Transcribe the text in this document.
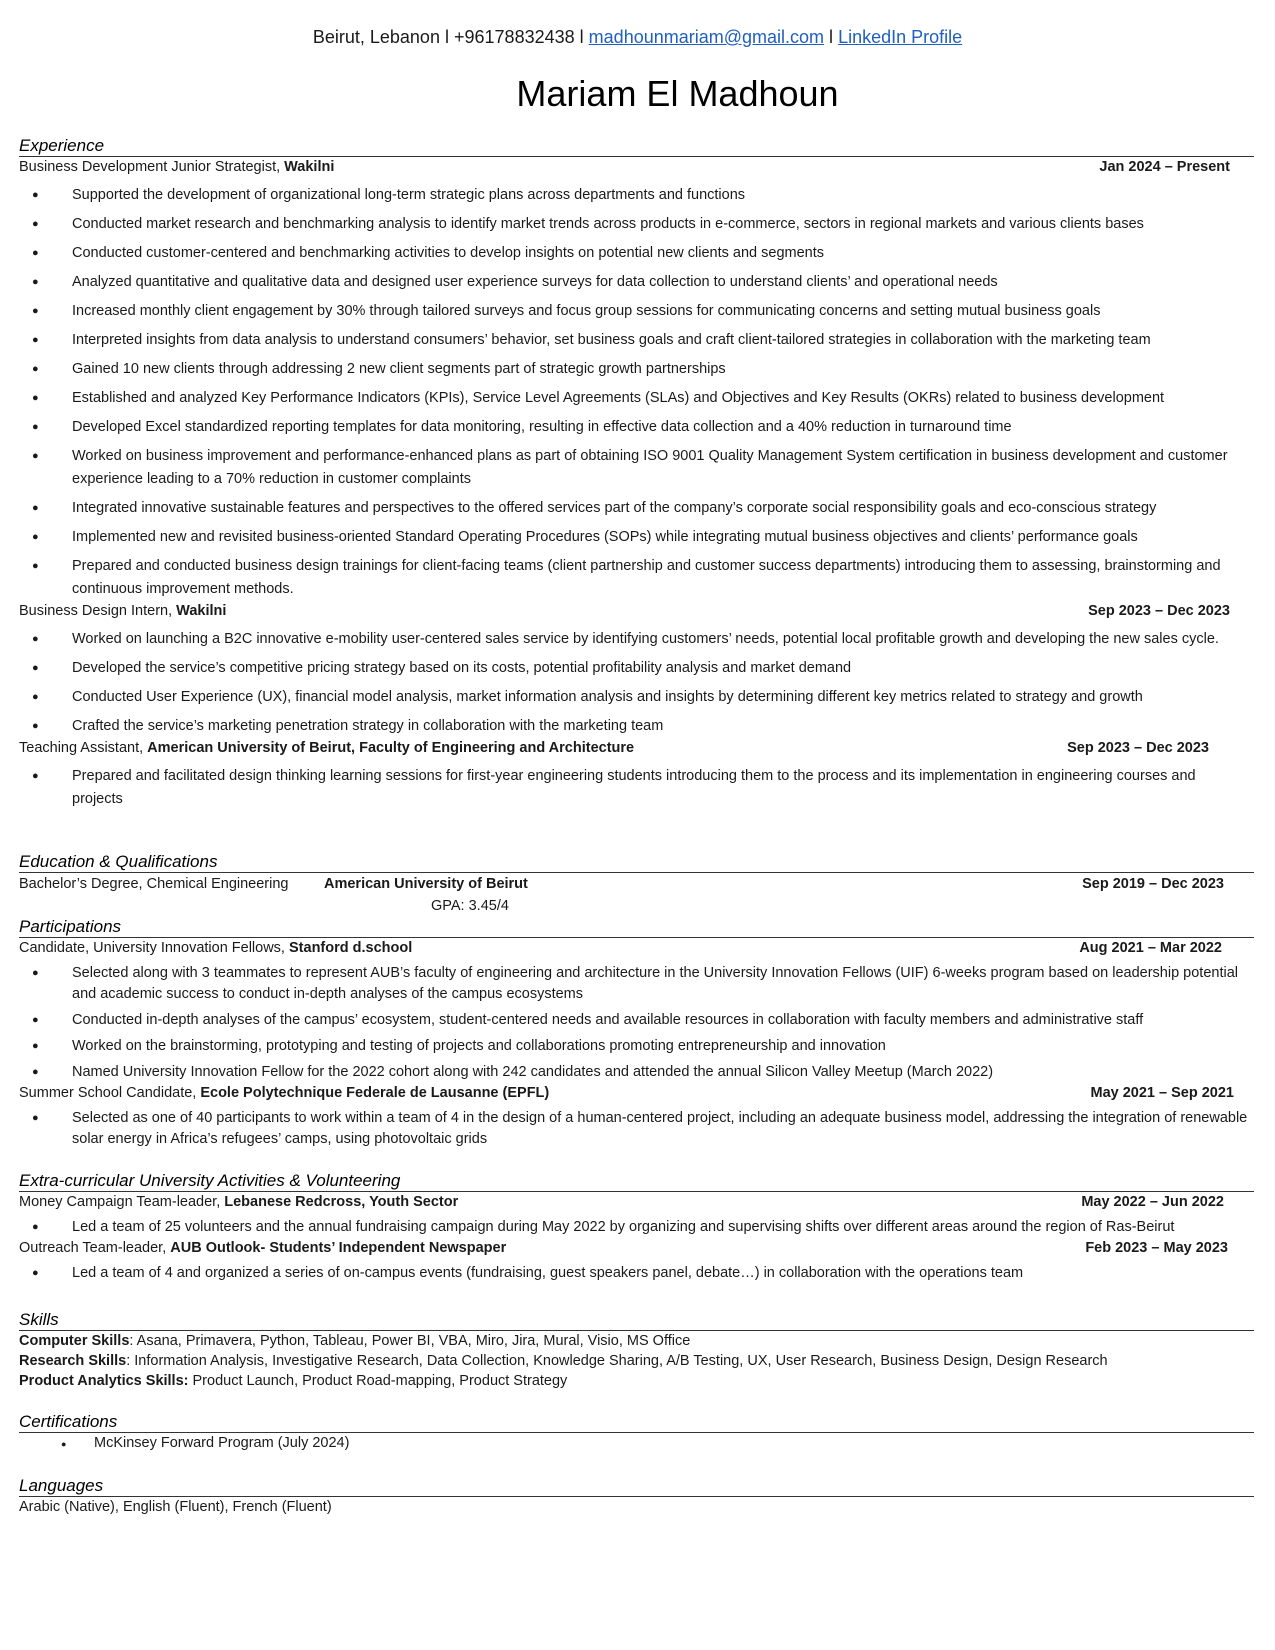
Beirut, Lebanon l +96178832438 l madhounmariam@gmail.com l LinkedIn Profile
Mariam El Madhoun
Experience
Business Development Junior Strategist, Wakilni	Jan 2024 – Present
● Supported the development of organizational long-term strategic plans across departments and functions
● Conducted market research and benchmarking analysis to identify market trends across products in e-commerce, sectors in regional markets and various clients bases
● Conducted customer-centered and benchmarking activities to develop insights on potential new clients and segments
● Analyzed quantitative and qualitative data and designed user experience surveys for data collection to understand clients’ and operational needs
● Increased monthly client engagement by 30% through tailored surveys and focus group sessions for communicating concerns and setting mutual business goals
● Interpreted insights from data analysis to understand consumers’ behavior, set business goals and craft client-tailored strategies in collaboration with the marketing team
● Gained 10 new clients through addressing 2 new client segments part of strategic growth partnerships
● Established and analyzed Key Performance Indicators (KPIs), Service Level Agreements (SLAs) and Objectives and Key Results (OKRs) related to business development
● Developed Excel standardized reporting templates for data monitoring, resulting in effective data collection and a 40% reduction in turnaround time
● Worked on business improvement and performance-enhanced plans as part of obtaining ISO 9001 Quality Management System certification in business development and customer experience leading to a 70% reduction in customer complaints
● Integrated innovative sustainable features and perspectives to the offered services part of the company’s corporate social responsibility goals and eco-conscious strategy
● Implemented new and revisited business-oriented Standard Operating Procedures (SOPs) while integrating mutual business objectives and clients’ performance goals
● Prepared and conducted business design trainings for client-facing teams (client partnership and customer success departments) introducing them to assessing, brainstorming and continuous improvement methods.
Business Design Intern, Wakilni	Sep 2023 – Dec 2023
● Worked on launching a B2C innovative e-mobility user-centered sales service by identifying customers’ needs, potential local profitable growth and developing the new sales cycle.
● Developed the service’s competitive pricing strategy based on its costs, potential profitability analysis and market demand
● Conducted User Experience (UX), financial model analysis, market information analysis and insights by determining different key metrics related to strategy and growth
● Crafted the service’s marketing penetration strategy in collaboration with the marketing team
Teaching Assistant, American University of Beirut, Faculty of Engineering and Architecture	Sep 2023 – Dec 2023
● Prepared and facilitated design thinking learning sessions for first-year engineering students introducing them to the process and its implementation in engineering courses and projects
Education & Qualifications
Bachelor’s Degree, Chemical Engineering	American University of Beirut	Sep 2019 – Dec 2023
GPA: 3.45/4
Participations
Candidate, University Innovation Fellows, Stanford d.school	Aug 2021 – Mar 2022
● Selected along with 3 teammates to represent AUB’s faculty of engineering and architecture in the University Innovation Fellows (UIF) 6-weeks program based on leadership potential and academic success to conduct in-depth analyses of the campus ecosystems
● Conducted in-depth analyses of the campus’ ecosystem, student-centered needs and available resources in collaboration with faculty members and administrative staff
● Worked on the brainstorming, prototyping and testing of projects and collaborations promoting entrepreneurship and innovation
● Named University Innovation Fellow for the 2022 cohort along with 242 candidates and attended the annual Silicon Valley Meetup (March 2022)
Summer School Candidate, Ecole Polytechnique Federale de Lausanne (EPFL)	May 2021 – Sep 2021
● Selected as one of 40 participants to work within a team of 4 in the design of a human-centered project, including an adequate business model, addressing the integration of renewable solar energy in Africa’s refugees’ camps, using photovoltaic grids
Extra-curricular University Activities & Volunteering
Money Campaign Team-leader, Lebanese Redcross, Youth Sector	May 2022 – Jun 2022
● Led a team of 25 volunteers and the annual fundraising campaign during May 2022 by organizing and supervising shifts over different areas around the region of Ras-Beirut
Outreach Team-leader, AUB Outlook- Students’ Independent Newspaper	Feb 2023 – May 2023
● Led a team of 4 and organized a series of on-campus events (fundraising, guest speakers panel, debate…) in collaboration with the operations team
Skills
Computer Skills: Asana, Primavera, Python, Tableau, Power BI, VBA, Miro, Jira, Mural, Visio, MS Office
Research Skills: Information Analysis, Investigative Research, Data Collection, Knowledge Sharing, A/B Testing, UX, User Research, Business Design, Design Research
Product Analytics Skills: Product Launch, Product Road-mapping, Product Strategy
Certifications
● McKinsey Forward Program (July 2024)
Languages
Arabic (Native), English (Fluent), French (Fluent)
